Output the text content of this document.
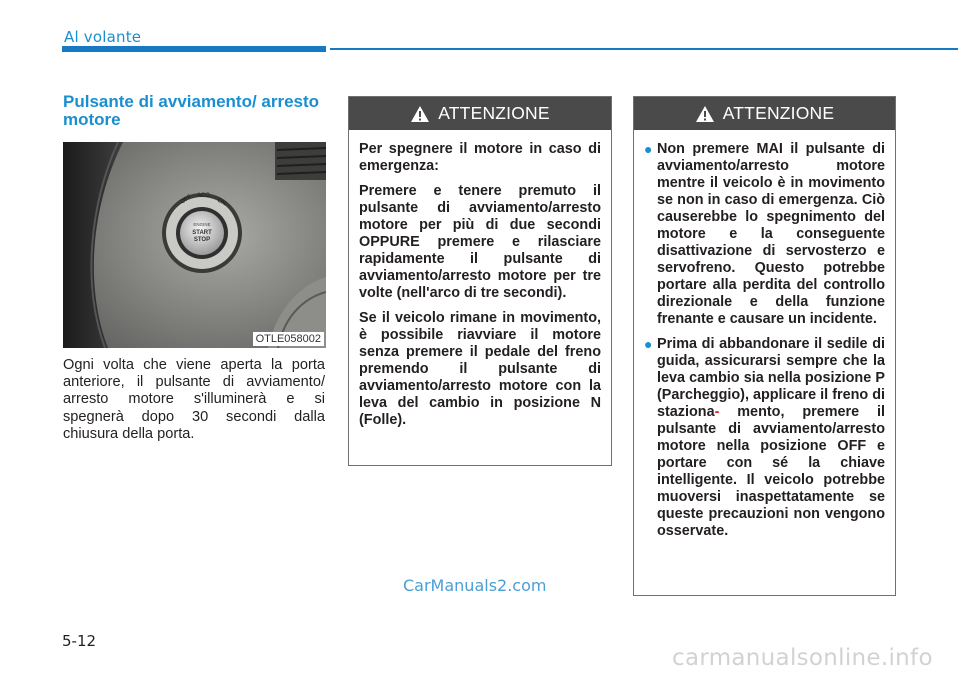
Al volante
Pulsante di avviamento/ arresto motore
OFF ACC
ON
ENGINE
START
STOP
OTLE058002
Ogni volta che viene aperta la porta anteriore, il pulsante di avviamento/ arresto motore s'illuminerà e si spegnerà dopo 30 secondi dalla chiusura della porta.
ATTENZIONE

Per spegnere il motore in caso di emergenza:

Premere e tenere premuto il pulsante di avviamento/arresto motore per più di due secondi OPPURE premere e rilasciare rapidamente il pulsante di avviamento/arresto motore per tre volte (nell'arco di tre secondi).

Se il veicolo rimane in movimento, è possibile riavviare il motore senza premere il pedale del freno premendo il pulsante di avviamento/arresto motore con la leva del cambio in posizione N (Folle).

ATTENZIONE
● Non premere MAI il pulsante di avviamento/arresto motore mentre il veicolo è in movimento se non in caso di emergenza. Ciò causerebbe lo spegnimento del motore e la conseguente disattivazione di servosterzo e servofreno. Questo potrebbe portare alla perdita del controllo direzionale e della funzione frenante e causare un incidente.
● Prima di abbandonare il sedile di guida, assicurarsi sempre che la leva cambio sia nella posizione P (Parcheggio), applicare il freno di staziona- mento, premere il pulsante di avviamento/arresto motore nella posizione OFF e portare con sé la chiave intelligente. Il veicolo potrebbe muoversi inaspettatamente se queste precauzioni non vengono osservate.
CarManuals2.com
5-12
carmanualsonline.info
